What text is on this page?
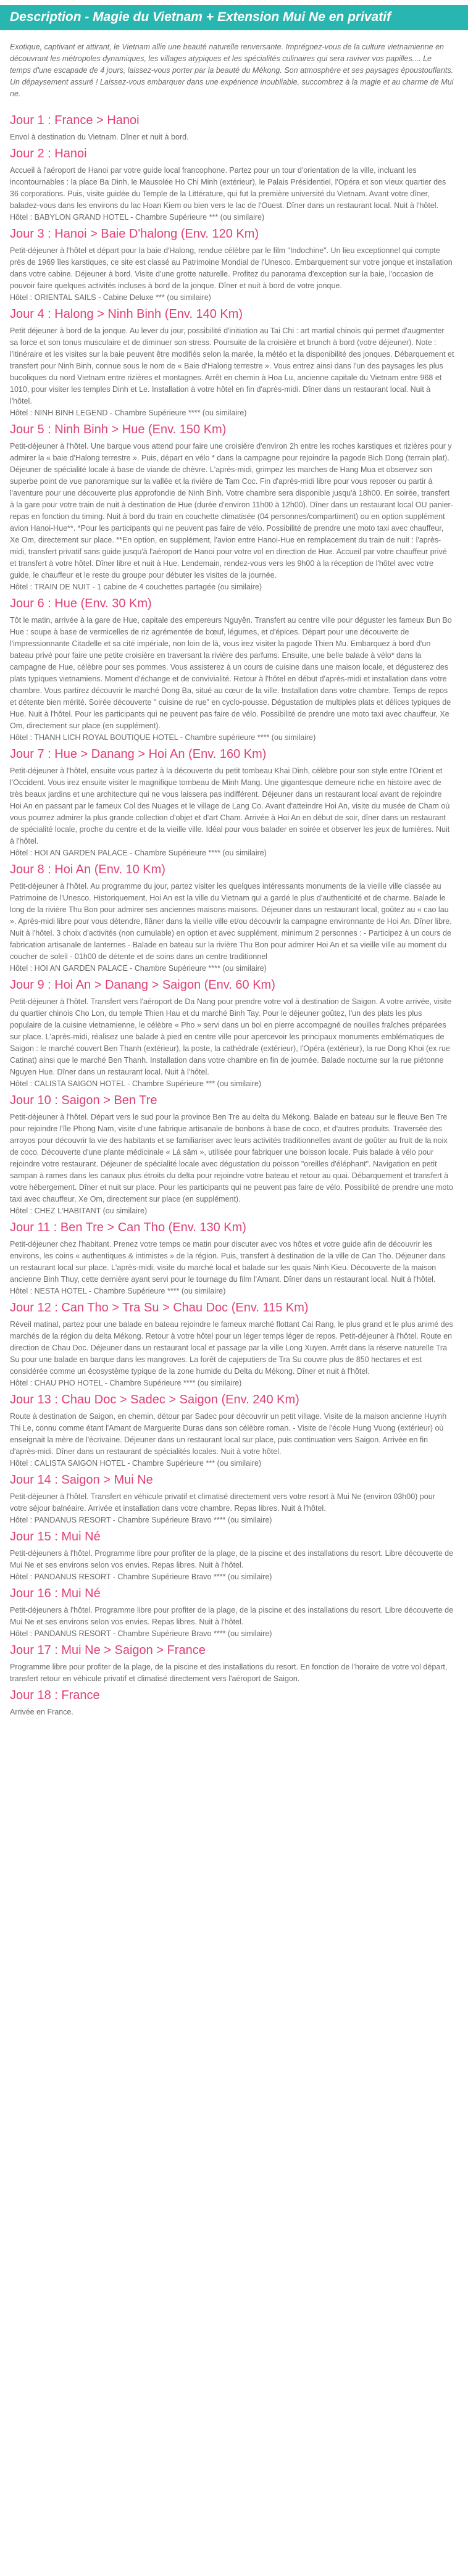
Description - Magie du Vietnam + Extension Mui Ne en privatif

Exotique, captivant et attirant, le Vietnam allie une beauté naturelle renversante. Imprégnez-vous de la culture vietnamienne en découvrant les métropoles dynamiques, les villages atypiques et les spécialités culinaires qui sera raviver vos papilles.... Le temps d'une escapade de 4 jours, laissez-vous porter par la beauté du Mékong. Son atmosphère et ses paysages époustouflants. Un dépaysement assuré ! Laissez-vous embarquer dans une expérience inoubliable, succombrez à la magie et au charme de Mui ne.

Jour 1 : France > Hanoi

Envol à destination du Vietnam. Dîner et nuit à bord.

Jour 2 : Hanoi

Accueil à l'aéroport de Hanoi par votre guide local francophone. Partez pour un tour d'orientation de la ville, incluant les incontournables : la place Ba Dinh, le Mausolée Ho Chi Minh (extérieur), le Palais Présidentiel, l'Opéra et son vieux quartier des 36 corporations. Puis, visite guidée du Temple de la Littérature, qui fut la première université du Vietnam. Avant votre dîner, baladez-vous dans les environs du lac Hoan Kiem ou bien vers le lac de l'Ouest. Dîner dans un restaurant local. Nuit à l'hôtel.

Hôtel : BABYLON GRAND HOTEL - Chambre Supérieure *** (ou similaire)

Jour 3 : Hanoi > Baie D'halong (Env. 120 Km)

Petit-déjeuner à l'hôtel et départ pour la baie d'Halong, rendue célèbre par le film "Indochine". Un lieu exceptionnel qui compte près de 1969 îles karstiques, ce site est classé au Patrimoine Mondial de l'Unesco. Embarquement sur votre jonque et installation dans votre cabine. Déjeuner à bord. Visite d'une grotte naturelle. Profitez du panorama d'exception sur la baie, l'occasion de pouvoir faire quelques activités incluses à bord de la jonque. Dîner et nuit à bord de votre jonque.

Hôtel : ORIENTAL SAILS - Cabine Deluxe *** (ou similaire)

Jour 4 : Halong > Ninh Binh (Env. 140 Km)

Petit déjeuner à bord de la jonque. Au lever du jour, possibilité d'initiation au Tai Chi : art martial chinois qui permet d'augmenter sa force et son tonus musculaire et de diminuer son stress. Poursuite de la croisière et brunch à bord (votre déjeuner). Note : l'itinéraire et les visites sur la baie peuvent être modifiés selon la marée, la météo et la disponibilité des jonques. Débarquement et transfert pour Ninh Binh, connue sous le nom de « Baie d'Halong terrestre ». Vous entrez ainsi dans l'un des paysages les plus bucoliques du nord Vietnam entre rizières et montagnes. Arrêt en chemin à Hoa Lu, ancienne capitale du Vietnam entre 968 et 1010, pour visiter les temples Dinh et Le. Installation à votre hôtel en fin d'après-midi. Dîner dans un restaurant local. Nuit à l'hôtel.

Hôtel : NINH BINH LEGEND - Chambre Supérieure **** (ou similaire)

Jour 5 : Ninh Binh > Hue (Env. 150 Km)

Petit-déjeuner à l'hôtel. Une barque vous attend pour faire une croisière d'environ 2h entre les roches karstiques et rizières pour y admirer la « baie d'Halong terrestre ». Puis, départ en vélo * dans la campagne pour rejoindre la pagode Bich Dong (terrain plat). Déjeuner de spécialité locale à base de viande de chèvre. L'après-midi, grimpez les marches de Hang Mua et observez son superbe point de vue panoramique sur la vallée et la rivière de Tam Coc. Fin d'après-midi libre pour vous reposer ou partir à l'aventure pour une découverte plus approfondie de Ninh Binh. Votre chambre sera disponible jusqu'à 18h00. En soirée, transfert à la gare pour votre train de nuit à destination de Hue (durée d'environ 11h00 à 12h00). Dîner dans un restaurant local OU panier-repas en fonction du timing. Nuit à bord du train en couchette climatisée (04 personnes/compartiment) ou en option supplément avion Hanoi-Hue**. *Pour les participants qui ne peuvent pas faire de vélo. Possibilité de prendre une moto taxi avec chauffeur, Xe Om, directement sur place. **En option, en supplément, l'avion entre Hanoi-Hue en remplacement du train de nuit : l'après-midi, transfert privatif sans guide jusqu'à l'aéroport de Hanoi pour votre vol en direction de Hue. Accueil par votre chauffeur privé et transfert à votre hôtel. Dîner libre et nuit à Hue. Lendemain, rendez-vous vers les 9h00 à la réception de l'hôtel avec votre guide, le chauffeur et le reste du groupe pour débuter les visites de la journée.

Hôtel : TRAIN DE NUIT - 1 cabine de 4 couchettes partagée (ou similaire)

Jour 6 : Hue (Env. 30 Km)

Tôt le matin, arrivée à la gare de Hue, capitale des empereurs Nguyên. Transfert au centre ville pour déguster les fameux Bun Bo Hue : soupe à base de vermicelles de riz agrémentée de bœuf, légumes, et d'épices. Départ pour une découverte de l'impressionnante Citadelle et sa cité impériale, non loin de là, vous irez visiter la pagode Thien Mu. Embarquez à bord d'un bateau privé pour faire une petite croisière en traversant la rivière des parfums. Ensuite, une belle balade à vélo* dans la campagne de Hue, célèbre pour ses pommes. Vous assisterez à un cours de cuisine dans une maison locale, et dégusterez des plats typiques vietnamiens. Moment d'échange et de convivialité. Retour à l'hôtel en début d'après-midi et installation dans votre chambre. Vous partirez découvrir le marché Dong Ba, situé au cœur de la ville. Installation dans votre chambre. Temps de repos et détente bien mérité. Soirée découverte " cuisine de rue" en cyclo-pousse. Dégustation de multiples plats et délices typiques de Hue. Nuit à l'hôtel. Pour les participants qui ne peuvent pas faire de vélo. Possibilité de prendre une moto taxi avec chauffeur, Xe Om, directement sur place (en supplément).

Hôtel : THANH LICH ROYAL BOUTIQUE HOTEL - Chambre supérieure **** (ou similaire)

Jour 7 : Hue > Danang > Hoi An (Env. 160 Km)

Petit-déjeuner à l'hôtel, ensuite vous partez à la découverte du petit tombeau Khai Dinh, célèbre pour son style entre l'Orient et l'Occident. Vous irez ensuite visiter le magnifique tombeau de Minh Mang. Une gigantesque demeure riche en histoire avec de très beaux jardins et une architecture qui ne vous laissera pas indifférent. Déjeuner dans un restaurant local avant de rejoindre Hoi An en passant par le fameux Col des Nuages et le village de Lang Co. Avant d'atteindre Hoi An, visite du musée de Cham où vous pourrez admirer la plus grande collection d'objet et d'art Cham. Arrivée à Hoi An en début de soir, dîner dans un restaurant de spécialité locale, proche du centre et de la vieille ville. Idéal pour vous balader en soirée et observer les jeux de lumières. Nuit à l'hôtel.

Hôtel : HOI AN GARDEN PALACE - Chambre Supérieure **** (ou similaire)

Jour 8 : Hoi An (Env. 10 Km)

Petit-déjeuner à l'hôtel. Au programme du jour, partez visiter les quelques intéressants monuments de la vieille ville classée au Patrimoine de l'Unesco. Historiquement, Hoi An est la ville du Vietnam qui a gardé le plus d'authenticité et de charme. Balade le long de la rivière Thu Bon pour admirer ses anciennes maisons maisons. Déjeuner dans un restaurant local, goûtez au « cao lau ». Après-midi libre pour vous détendre, flâner dans la vieille ville et/ou découvrir la campagne environnante de Hoi An. Dîner libre. Nuit à l'hôtel. 3 choix d'activités (non cumulable) en option et avec supplément, minimum 2 personnes : - Participez à un cours de fabrication artisanale de lanternes - Balade en bateau sur la rivière Thu Bon pour admirer Hoi An et sa vieille ville au moment du coucher de soleil - 01h00 de détente et de soins dans un centre traditionnel

Hôtel : HOI AN GARDEN PALACE - Chambre Supérieure **** (ou similaire)

Jour 9 : Hoi An > Danang > Saigon (Env. 60 Km)

Petit-déjeuner à l'hôtel. Transfert vers l'aéroport de Da Nang pour prendre votre vol à destination de Saigon. A votre arrivée, visite du quartier chinois Cho Lon, du temple Thien Hau et du marché Binh Tay. Pour le déjeuner goûtez, l'un des plats les plus populaire de la cuisine vietnamienne, le célèbre « Pho » servi dans un bol en pierre accompagné de nouilles fraîches préparées sur place. L'après-midi, réalisez une balade à pied en centre ville pour apercevoir les principaux monuments emblématiques de Saigon : le marché couvert Ben Thanh (extérieur), la poste, la cathédrale (extérieur), l'Opéra (extérieur), la rue Dong Khoi (ex rue Catinat) ainsi que le marché Ben Thanh. Installation dans votre chambre en fin de journée. Balade nocturne sur la rue piétonne Nguyen Hue. Dîner dans un restaurant local. Nuit à l'hôtel.

Hôtel : CALISTA SAIGON HOTEL - Chambre Supérieure *** (ou similaire)

Jour 10 : Saigon > Ben Tre

Petit-déjeuner à l'hôtel. Départ vers le sud pour la province Ben Tre au delta du Mékong. Balade en bateau sur le fleuve Ben Tre pour rejoindre l'île Phong Nam, visite d'une fabrique artisanale de bonbons à base de coco, et d'autres produits. Traversée des arroyos pour découvrir la vie des habitants et se familiariser avec leurs activités traditionnelles avant de goûter au fruit de la noix de coco. Découverte d'une plante médicinale « Lá sâm », utilisée pour fabriquer une boisson locale. Puis balade à vélo pour rejoindre votre restaurant. Déjeuner de spécialité locale avec dégustation du poisson "oreilles d'éléphant". Navigation en petit sampan à rames dans les canaux plus étroits du delta pour rejoindre votre bateau et retour au quai. Débarquement et transfert à votre hébergement. Dîner et nuit sur place. Pour les participants qui ne peuvent pas faire de vélo. Possibilité de prendre une moto taxi avec chauffeur, Xe Om, directement sur place (en supplément).

Hôtel : CHEZ L'HABITANT (ou similaire)

Jour 11 : Ben Tre > Can Tho (Env. 130 Km)

Petit-déjeuner chez l'habitant. Prenez votre temps ce matin pour discuter avec vos hôtes et votre guide afin de découvrir les environs, les coins « authentiques & intimistes » de la région. Puis, transfert à destination de la ville de Can Tho. Déjeuner dans un restaurant local sur place. L'après-midi, visite du marché local et balade sur les quais Ninh Kieu. Découverte de la maison ancienne Binh Thuy, cette dernière ayant servi pour le tournage du film l'Amant. Dîner dans un restaurant local. Nuit à l'hôtel.

Hôtel : NESTA HOTEL - Chambre Supérieure **** (ou similaire)

Jour 12 : Can Tho > Tra Su > Chau Doc (Env. 115 Km)

Réveil matinal, partez pour une balade en bateau rejoindre le fameux marché flottant Cai Rang, le plus grand et le plus animé des marchés de la région du delta Mékong. Retour à votre hôtel pour un léger temps léger de repos. Petit-déjeuner à l'hôtel. Route en direction de Chau Doc. Déjeuner dans un restaurant local et passage par la ville Long Xuyen. Arrêt dans la réserve naturelle Tra Su pour une balade en barque dans les mangroves. La forêt de cajeputiers de Tra Su couvre plus de 850 hectares et est considérée comme un écosystème typique de la zone humide du Delta du Mékong. Dîner et nuit à l'hôtel.

Hôtel : CHAU PHO HOTEL - Chambre Supérieure **** (ou similaire)

Jour 13 : Chau Doc > Sadec > Saigon (Env. 240 Km)

Route à destination de Saigon, en chemin, détour par Sadec pour découvrir un petit village. Visite de la maison ancienne Huynh Thi Le, connu comme étant l'Amant de Marguerite Duras dans son célèbre roman. - Visite de l'école Hung Vuong (extérieur) où enseignait la mère de l'écrivaine. Déjeuner dans un restaurant local sur place, puis continuation vers Saigon. Arrivée en fin d'après-midi. Dîner dans un restaurant de spécialités locales. Nuit à votre hôtel.

Hôtel : CALISTA SAIGON HOTEL - Chambre Supérieure *** (ou similaire)

Jour 14 : Saigon > Mui Ne

Petit-déjeuner à l'hôtel. Transfert en véhicule privatif et climatisé directement vers votre resort à Mui Ne (environ 03h00) pour votre séjour balnéaire. Arrivée et installation dans votre chambre. Repas libres. Nuit à l'hôtel.

Hôtel : PANDANUS RESORT - Chambre Supérieure Bravo **** (ou similaire)

Jour 15 : Mui Né

Petit-déjeuners à l'hôtel. Programme libre pour profiter de la plage, de la piscine et des installations du resort. Libre découverte de Mui Ne et ses environs selon vos envies. Repas libres. Nuit à l'hôtel.

Hôtel : PANDANUS RESORT - Chambre Supérieure Bravo **** (ou similaire)

Jour 16 : Mui Né

Petit-déjeuners à l'hôtel. Programme libre pour profiter de la plage, de la piscine et des installations du resort. Libre découverte de Mui Ne et ses environs selon vos envies. Repas libres. Nuit à l'hôtel.

Hôtel : PANDANUS RESORT - Chambre Supérieure Bravo **** (ou similaire)

Jour 17 : Mui Ne > Saigon > France

Programme libre pour profiter de la plage, de la piscine et des installations du resort. En fonction de l'horaire de votre vol départ, transfert retour en véhicule privatif et climatisé directement vers l'aéroport de Saigon.

Jour 18 : France

Arrivée en France.
